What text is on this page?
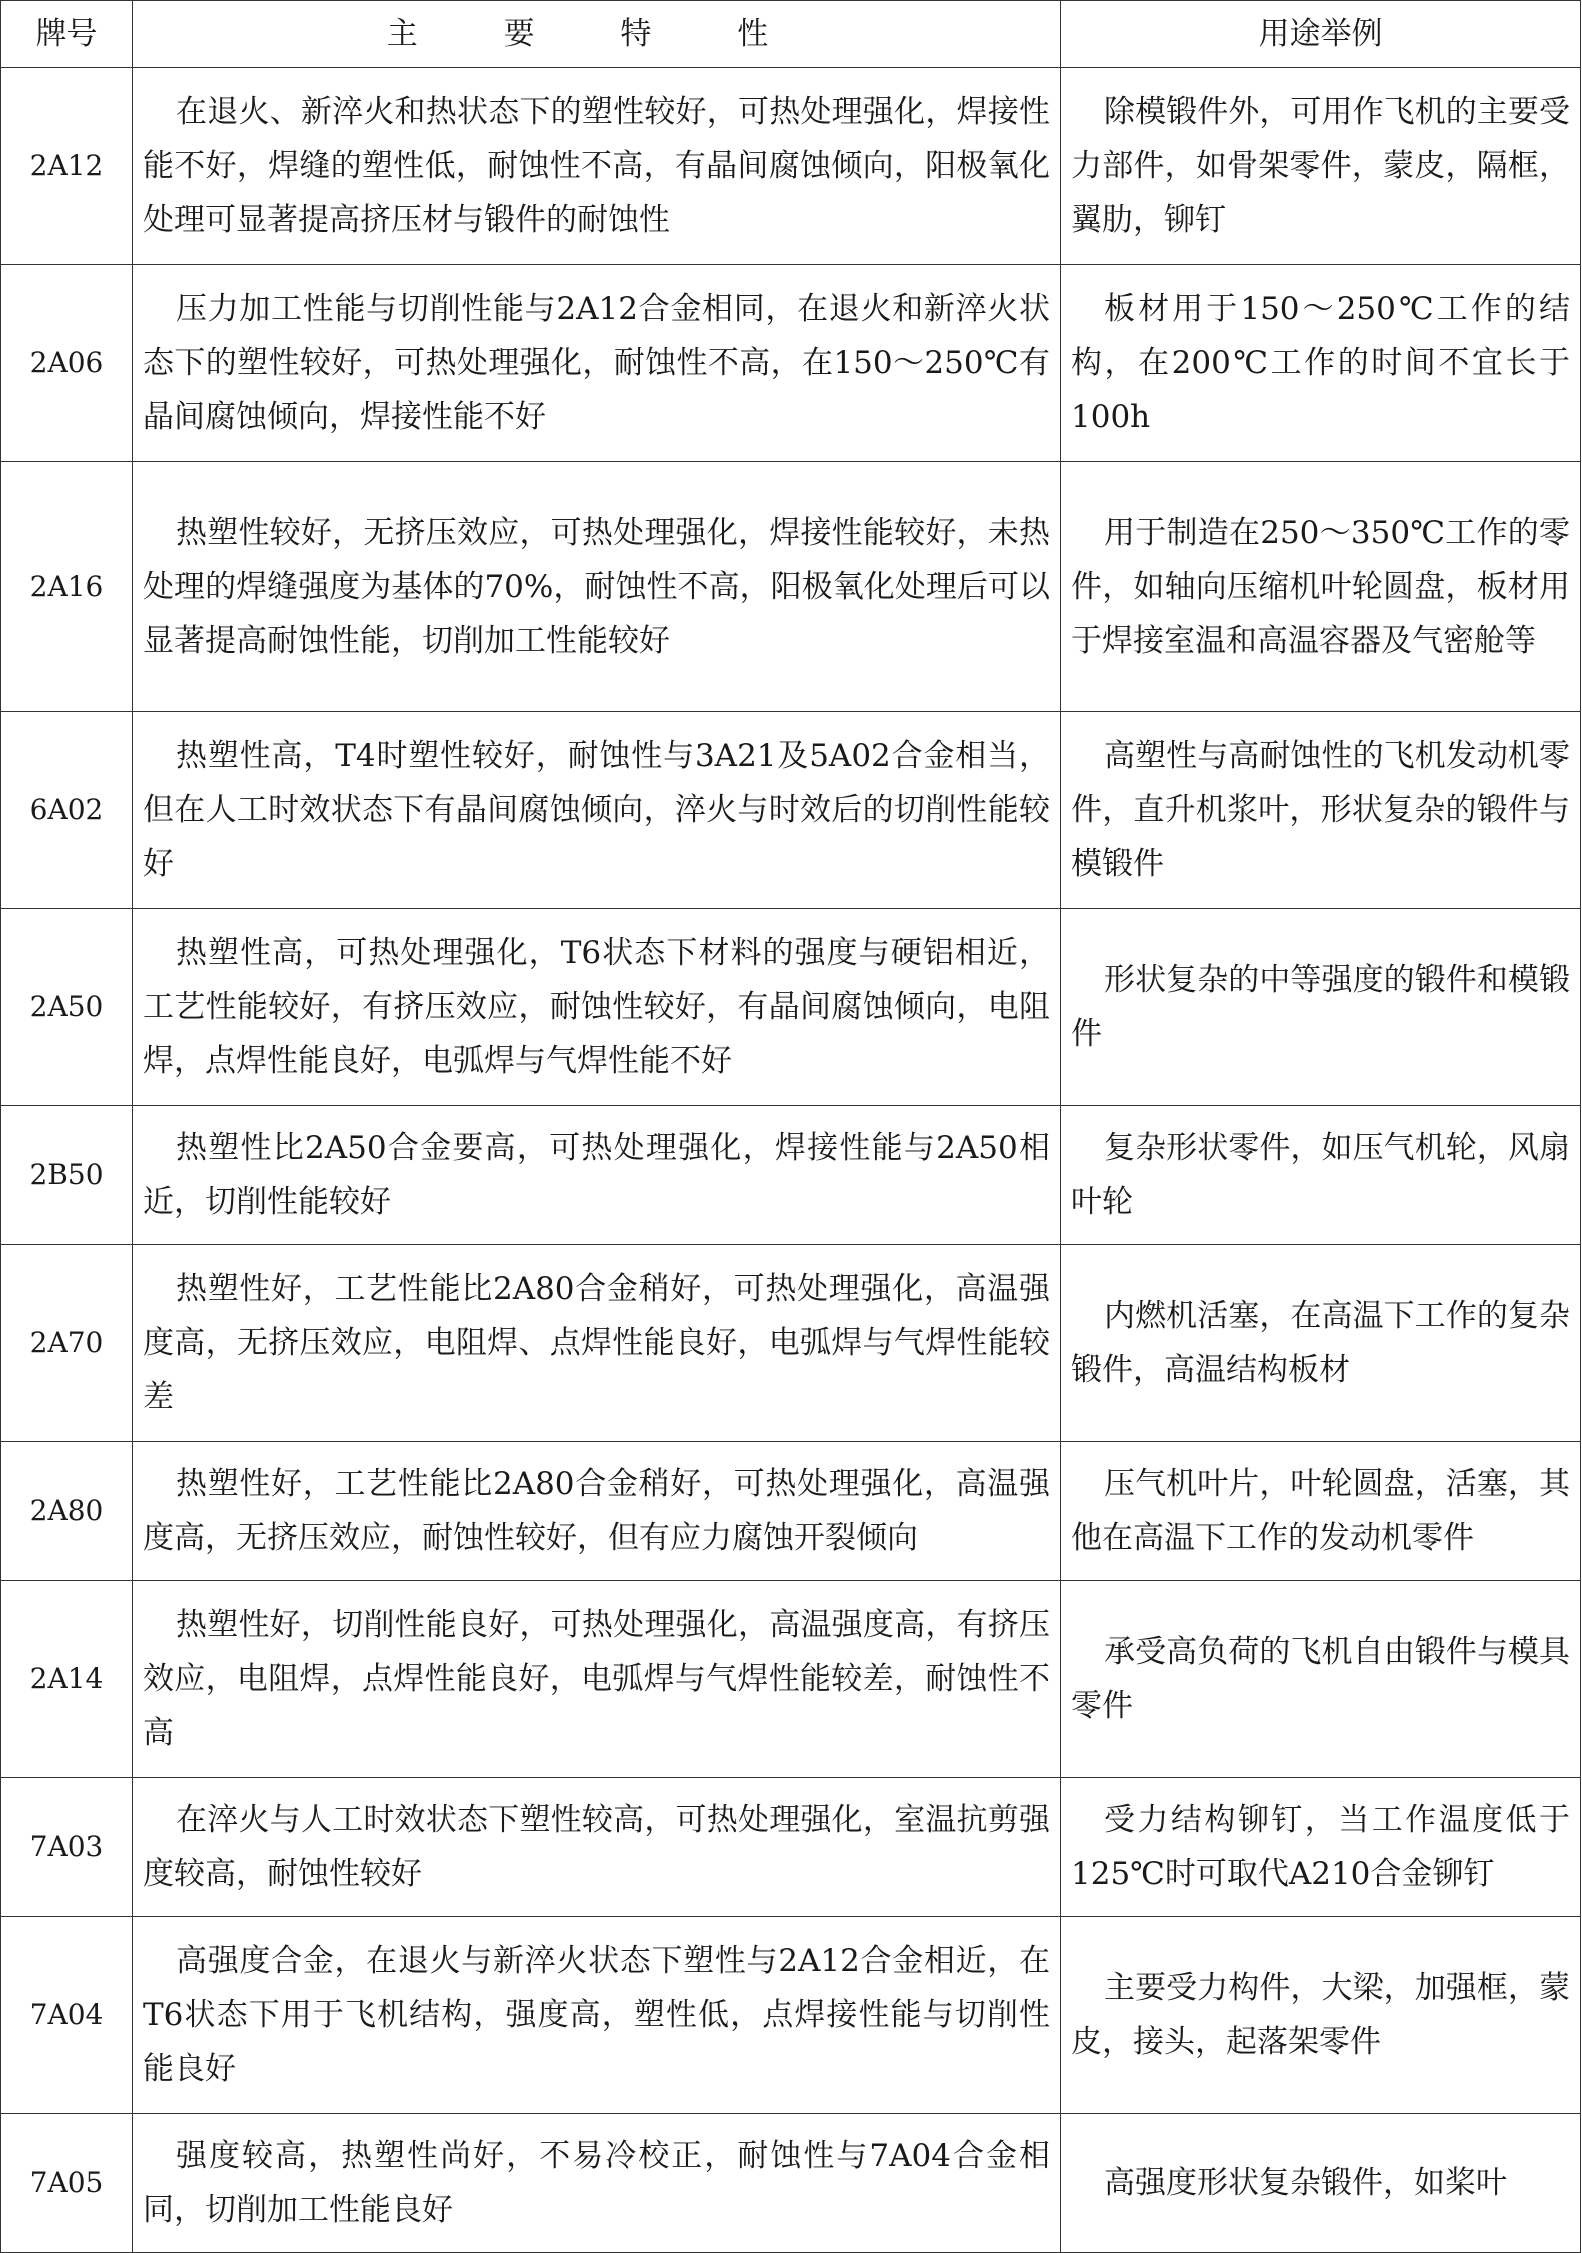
牌号	主 要 特 性	用途举例
2A12	在退火、新淬火和热状态下的塑性较好，可热处理强化，焊接性能不好，焊缝的塑性低，耐蚀性不高，有晶间腐蚀倾向，阳极氧化处理可显著提高挤压材与锻件的耐蚀性	除模锻件外，可用作飞机的主要受力部件，如骨架零件，蒙皮，隔框，翼肋，铆钉

2A06	压力加工性能与切削性能与2A12合金相同，在退火和新淬火状态下的塑性较好，可热处理强化，耐蚀性不高，在150～250℃有晶间腐蚀倾向，焊接性能不好	板材用于150～250℃工作的结构，在200℃工作的时间不宜长于100h

2A16	热塑性较好，无挤压效应，可热处理强化，焊接性能较好，未热处理的焊缝强度为基体的70%，耐蚀性不高，阳极氧化处理后可以显著提高耐蚀性能，切削加工性能较好	用于制造在250～350℃工作的零件，如轴向压缩机叶轮圆盘，板材用于焊接室温和高温容器及气密舱等

6A02	热塑性高，T4时塑性较好，耐蚀性与3A21及5A02合金相当，但在人工时效状态下有晶间腐蚀倾向，淬火与时效后的切削性能较好	高塑性与高耐蚀性的飞机发动机零件，直升机浆叶，形状复杂的锻件与模锻件

2A50	热塑性高，可热处理强化，T6状态下材料的强度与硬铝相近，工艺性能较好，有挤压效应，耐蚀性较好，有晶间腐蚀倾向，电阻焊，点焊性能良好，电弧焊与气焊性能不好	形状复杂的中等强度的锻件和模锻件

2B50	热塑性比2A50合金要高，可热处理强化，焊接性能与2A50相近，切削性能较好	复杂形状零件，如压气机轮，风扇叶轮

2A70	热塑性好，工艺性能比2A80合金稍好，可热处理强化，高温强度高，无挤压效应，电阻焊、点焊性能良好，电弧焊与气焊性能较差	内燃机活塞，在高温下工作的复杂锻件，高温结构板材

2A80	热塑性好，工艺性能比2A80合金稍好，可热处理强化，高温强度高，无挤压效应，耐蚀性较好，但有应力腐蚀开裂倾向	压气机叶片，叶轮圆盘，活塞，其他在高温下工作的发动机零件

2A14	热塑性好，切削性能良好，可热处理强化，高温强度高，有挤压效应，电阻焊，点焊性能良好，电弧焊与气焊性能较差，耐蚀性不高	承受高负荷的飞机自由锻件与模具零件

7A03	在淬火与人工时效状态下塑性较高，可热处理强化，室温抗剪强度较高，耐蚀性较好	受力结构铆钉，当工作温度低于125℃时可取代A210合金铆钉

7A04	高强度合金，在退火与新淬火状态下塑性与2A12合金相近，在T6状态下用于飞机结构，强度高，塑性低，点焊接性能与切削性能良好	主要受力构件，大梁，加强框，蒙皮，接头，起落架零件

7A05	强度较高，热塑性尚好，不易冷校正，耐蚀性与7A04合金相同，切削加工性能良好	高强度形状复杂锻件，如桨叶
